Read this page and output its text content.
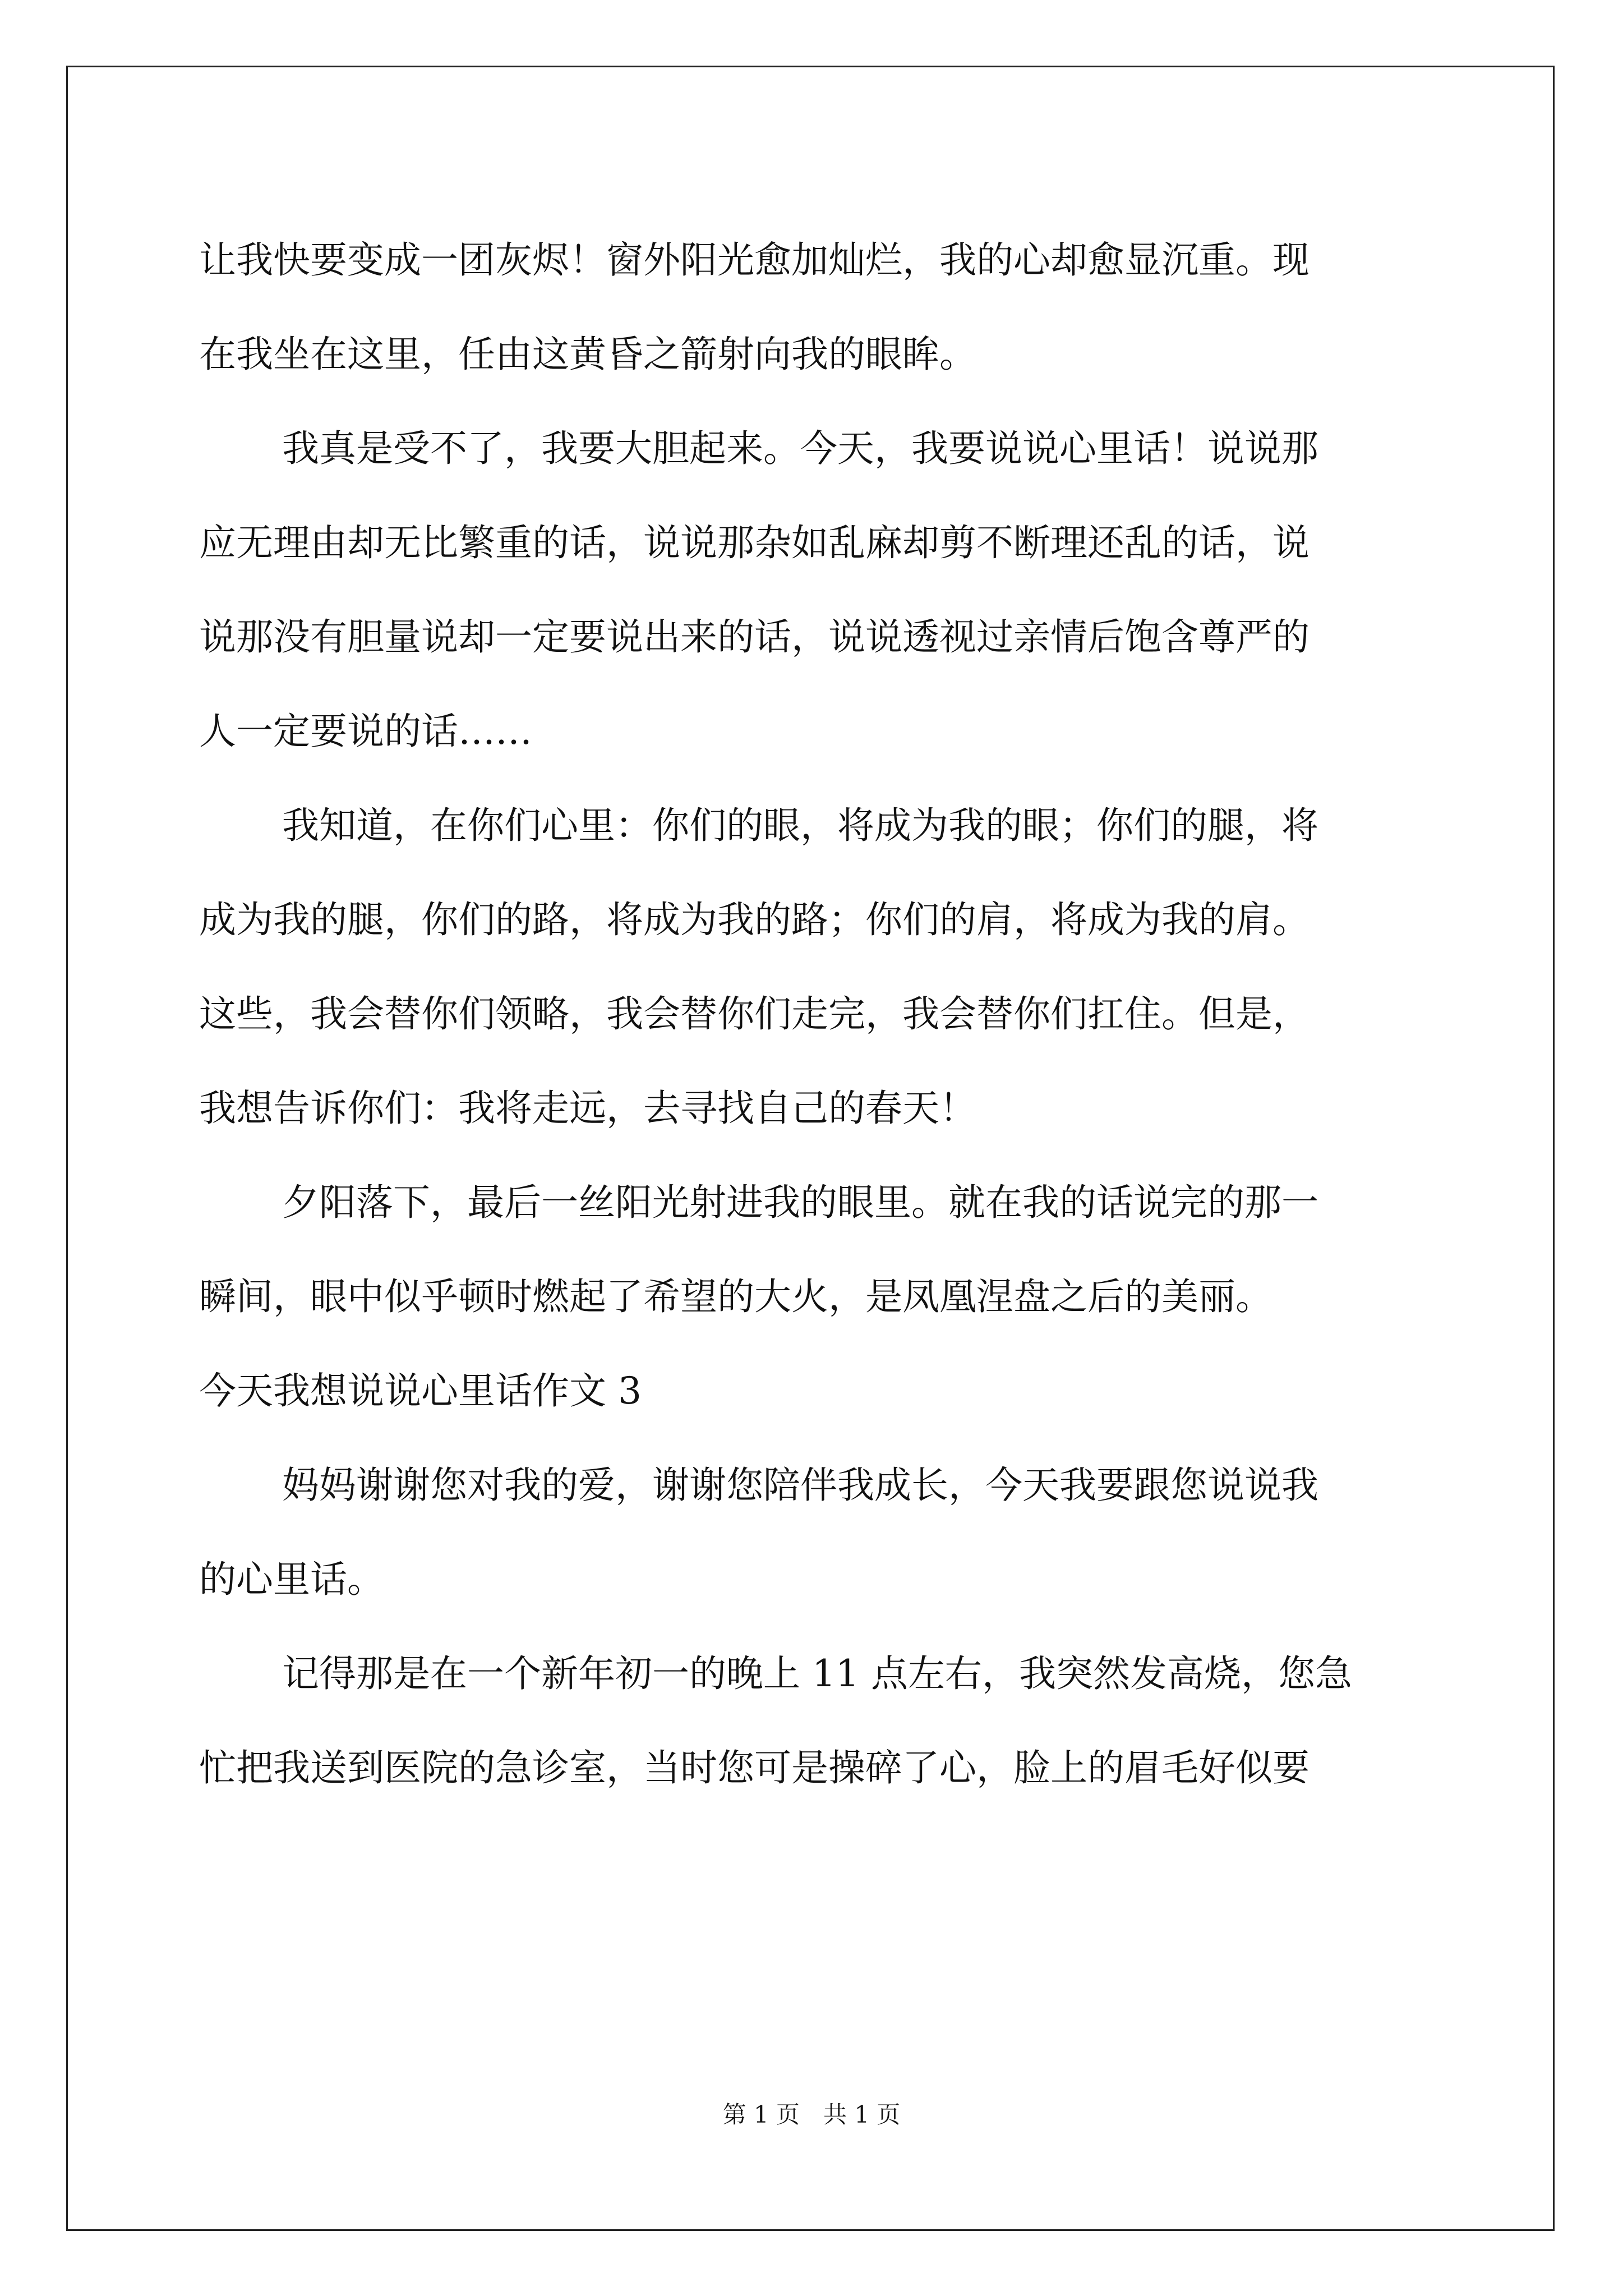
让我快要变成一团灰烬！窗外阳光愈加灿烂，我的心却愈显沉重。现
在我坐在这里，任由这黄昏之箭射向我的眼眸。
我真是受不了，我要大胆起来。今天，我要说说心里话！说说那
应无理由却无比繁重的话，说说那杂如乱麻却剪不断理还乱的话，说
说那没有胆量说却一定要说出来的话，说说透视过亲情后饱含尊严的
人一定要说的话……
我知道，在你们心里：你们的眼，将成为我的眼；你们的腿，将
成为我的腿，你们的路，将成为我的路；你们的肩，将成为我的肩。
这些，我会替你们领略，我会替你们走完，我会替你们扛住。但是，
我想告诉你们：我将走远，去寻找自己的春天！
夕阳落下，最后一丝阳光射进我的眼里。就在我的话说完的那一
瞬间，眼中似乎顿时燃起了希望的大火，是凤凰涅盘之后的美丽。
今天我想说说心里话作文 3
妈妈谢谢您对我的爱，谢谢您陪伴我成长，今天我要跟您说说我
的心里话。
记得那是在一个新年初一的晚上 11 点左右，我突然发高烧，您急
忙把我送到医院的急诊室，当时您可是操碎了心，脸上的眉毛好似要
第 1 页　共 1 页
